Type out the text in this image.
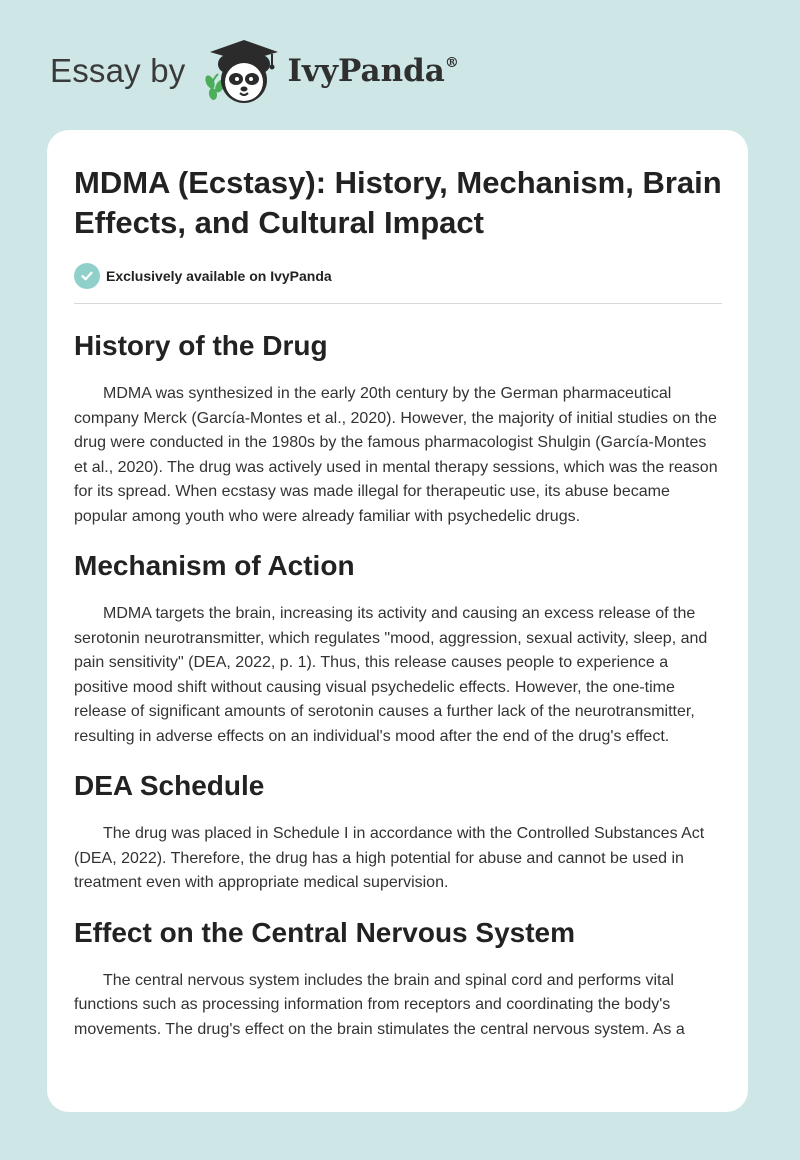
Essay by	IvyPanda®
MDMA (Ecstasy): History, Mechanism, Brain Effects, and Cultural Impact
Exclusively available on IvyPanda
History of the Drug

MDMA was synthesized in the early 20th century by the German pharmaceutical company Merck (García-Montes et al., 2020). However, the majority of initial studies on the drug were conducted in the 1980s by the famous pharmacologist Shulgin (García-Montes et al., 2020). The drug was actively used in mental therapy sessions, which was the reason for its spread. When ecstasy was made illegal for therapeutic use, its abuse became popular among youth who were already familiar with psychedelic drugs.

Mechanism of Action

MDMA targets the brain, increasing its activity and causing an excess release of the serotonin neurotransmitter, which regulates "mood, aggression, sexual activity, sleep, and pain sensitivity" (DEA, 2022, p. 1). Thus, this release causes people to experience a positive mood shift without causing visual psychedelic effects. However, the one-time release of significant amounts of serotonin causes a further lack of the neurotransmitter, resulting in adverse effects on an individual's mood after the end of the drug's effect.

DEA Schedule

The drug was placed in Schedule I in accordance with the Controlled Substances Act (DEA, 2022). Therefore, the drug has a high potential for abuse and cannot be used in treatment even with appropriate medical supervision.

Effect on the Central Nervous System

The central nervous system includes the brain and spinal cord and performs vital functions such as processing information from receptors and coordinating the body's movements. The drug's effect on the brain stimulates the central nervous system. As a
